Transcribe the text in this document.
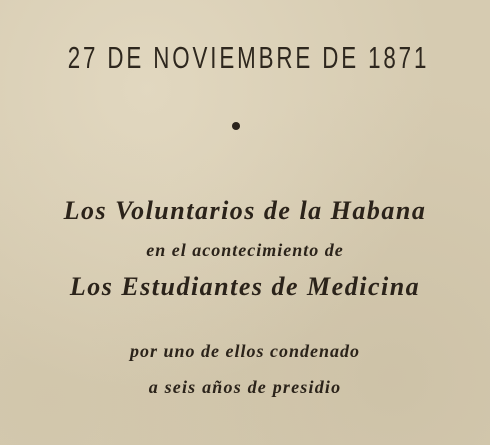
27 DE NOVIEMBRE DE 1871
Los Voluntarios de la Habana
en el acontecimiento de
Los Estudiantes de Medicina
por uno de ellos condenado
a seis años de presidio
